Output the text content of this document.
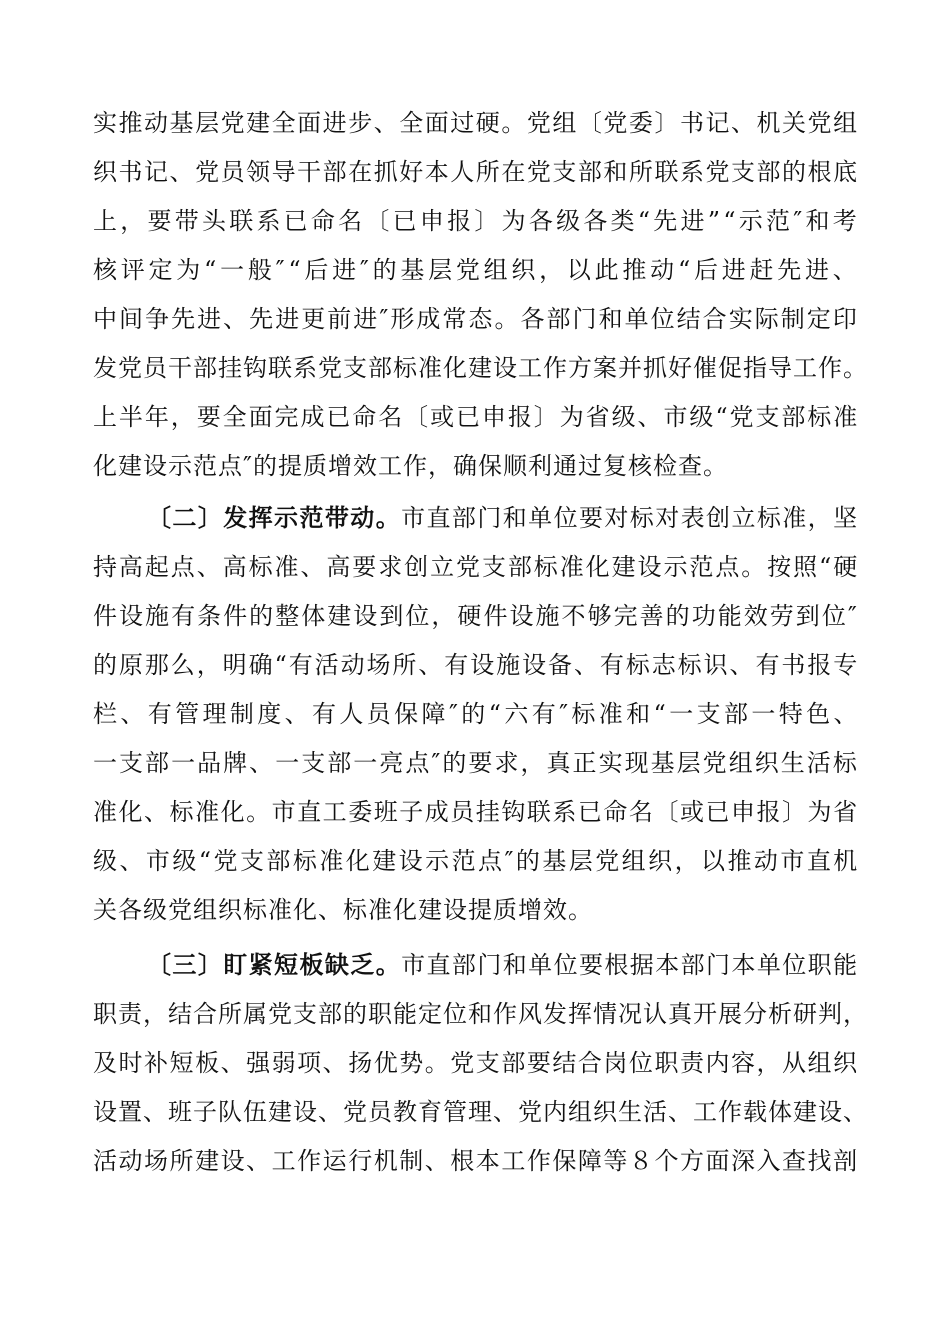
实推动基层党建全面进步、全面过硬。党组〔党委〕书记、机关党组
织书记、党员领导干部在抓好本人所在党支部和所联系党支部的根底
上，要带头联系已命名〔已申报〕为各级各类“先进”“示范″和考
核评定为“一般″“后进″的基层党组织，以此推动“后进赶先进、
中间争先进、先进更前进″形成常态。各部门和单位结合实际制定印
发党员干部挂钩联系党支部标准化建设工作方案并抓好催促指导工作。
上半年，要全面完成已命名〔或已申报〕为省级、市级“党支部标准
化建设示范点″的提质增效工作，确保顺利通过复核检查。
〔二〕发挥示范带动。市直部门和单位要对标对表创立标准，坚
持高起点、高标准、高要求创立党支部标准化建设示范点。按照“硬
件设施有条件的整体建设到位，硬件设施不够完善的功能效劳到位″
的原那么，明确“有活动场所、有设施设备、有标志标识、有书报专
栏、有管理制度、有人员保障″的“六有″标准和“一支部一特色、
一支部一品牌、一支部一亮点″的要求，真正实现基层党组织生活标
准化、标准化。市直工委班子成员挂钩联系已命名〔或已申报〕为省
级、市级“党支部标准化建设示范点″的基层党组织，以推动市直机
关各级党组织标准化、标准化建设提质增效。
〔三〕盯紧短板缺乏。市直部门和单位要根据本部门本单位职能
职责，结合所属党支部的职能定位和作风发挥情况认真开展分析研判，
及时补短板、强弱项、扬优势。党支部要结合岗位职责内容，从组织
设置、班子队伍建设、党员教育管理、党内组织生活、工作载体建设、
活动场所建设、工作运行机制、根本工作保障等８个方面深入查找剖
